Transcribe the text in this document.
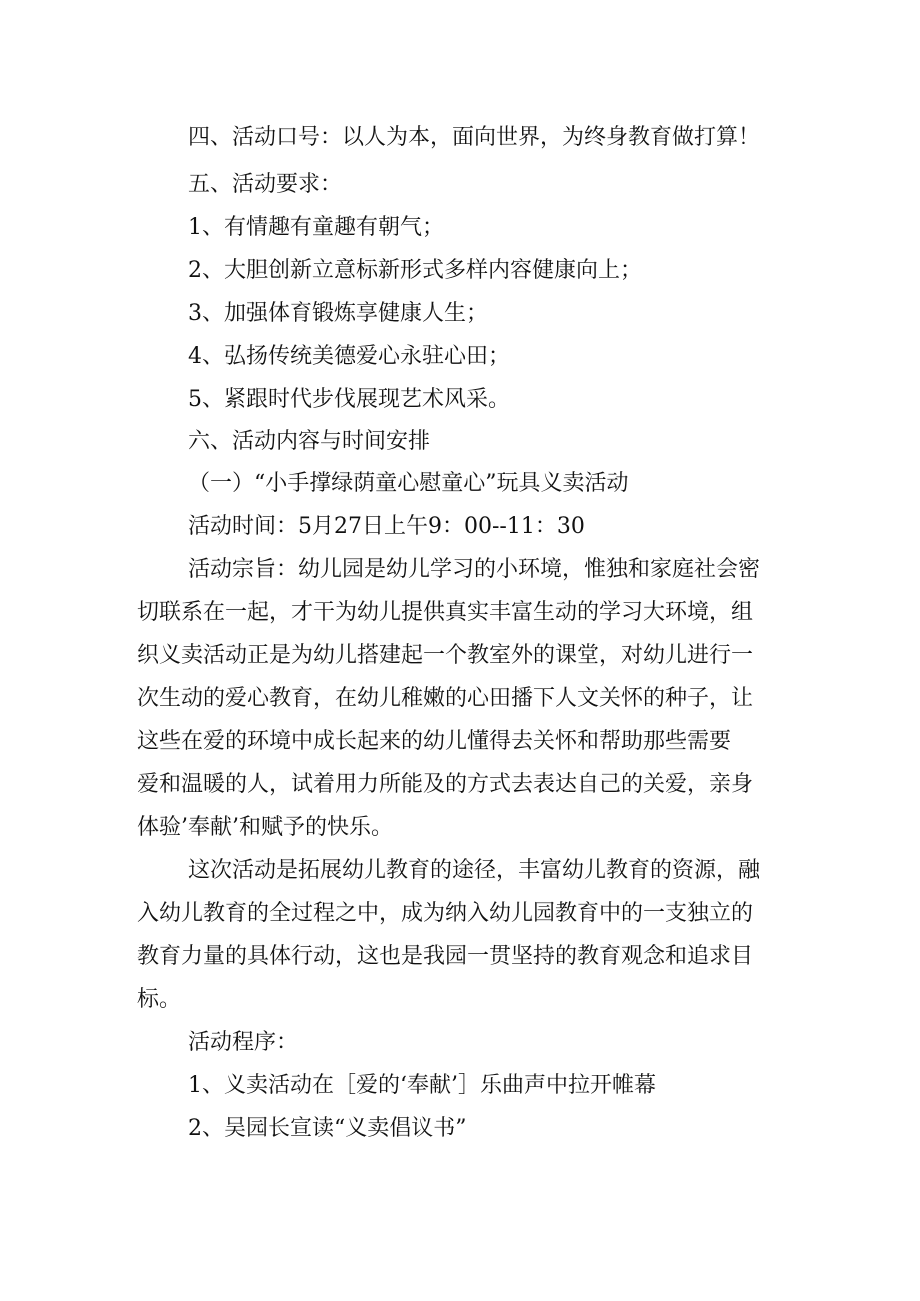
四、活动口号：以人为本，面向世界，为终身教育做打算！
五、活动要求：
1、有情趣有童趣有朝气；
2、大胆创新立意标新形式多样内容健康向上；
3、加强体育锻炼享健康人生；
4、弘扬传统美德爱心永驻心田；
5、紧跟时代步伐展现艺术风采。
六、活动内容与时间安排
（一）“小手撑绿荫童心慰童心”玩具义卖活动
活动时间：5月27日上午9：00--11：30
活动宗旨：幼儿园是幼儿学习的小环境，惟独和家庭社会密
切联系在一起，才干为幼儿提供真实丰富生动的学习大环境，组
织义卖活动正是为幼儿搭建起一个教室外的课堂，对幼儿进行一
次生动的爱心教育，在幼儿稚嫩的心田播下人文关怀的种子，让
这些在爱的环境中成长起来的幼儿懂得去关怀和帮助那些需要
爱和温暖的人，试着用力所能及的方式去表达自己的关爱，亲身
体验’奉献’和赋予的快乐。
这次活动是拓展幼儿教育的途径，丰富幼儿教育的资源，融
入幼儿教育的全过程之中，成为纳入幼儿园教育中的一支独立的
教育力量的具体行动，这也是我园一贯坚持的教育观念和追求目
标。
活动程序：
1、义卖活动在［爱的‘奉献’］乐曲声中拉开帷幕
2、吴园长宣读“义卖倡议书”
